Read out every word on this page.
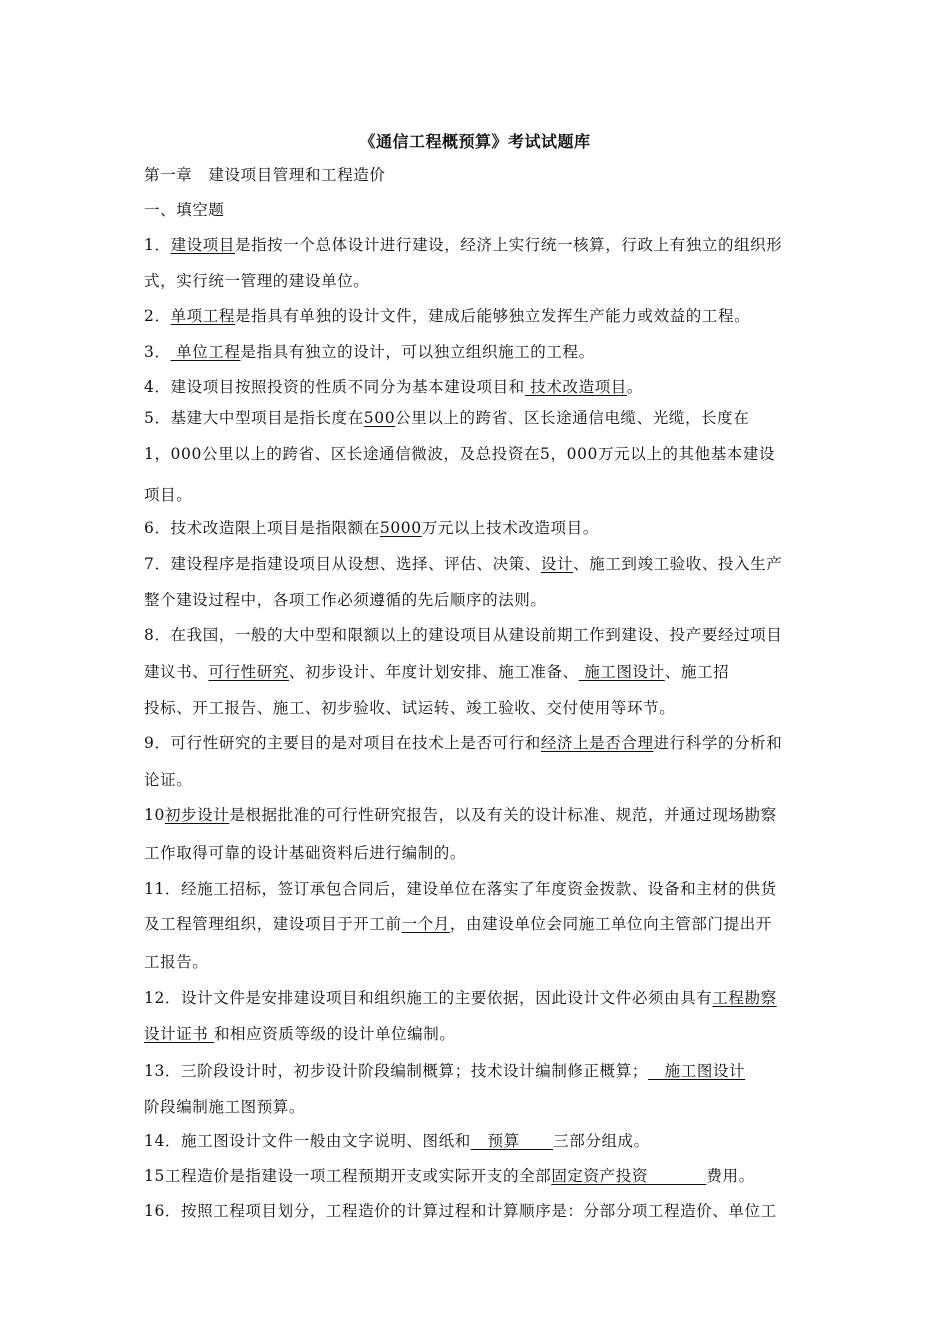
《通信工程概预算》考试试题库
第一章　建设项目管理和工程造价
一、填空题
1．建设项目是指按一个总体设计进行建设，经济上实行统一核算，行政上有独立的组织形
式，实行统一管理的建设单位。
2．单项工程是指具有单独的设计文件，建成后能够独立发挥生产能力或效益的工程。
3． 单位工程是指具有独立的设计，可以独立组织施工的工程。
4．建设项目按照投资的性质不同分为基本建设项目和 技术改造项目。
5．基建大中型项目是指长度在500公里以上的跨省、区长途通信电缆、光缆，长度在
1，000公里以上的跨省、区长途通信微波，及总投资在5，000万元以上的其他基本建设
项目。
6．技术改造限上项目是指限额在5000万元以上技术改造项目。
7．建设程序是指建设项目从设想、选择、评估、决策、设计、施工到竣工验收、投入生产
整个建设过程中，各项工作必须遵循的先后顺序的法则。
8．在我国，一般的大中型和限额以上的建设项目从建设前期工作到建设、投产要经过项目
建议书、可行性研究、初步设计、年度计划安排、施工准备、 施工图设计、施工招
投标、开工报告、施工、初步验收、试运转、竣工验收、交付使用等环节。
9．可行性研究的主要目的是对项目在技术上是否可行和经济上是否合理进行科学的分析和
论证。
10初步设计是根据批准的可行性研究报告，以及有关的设计标准、规范，并通过现场勘察
工作取得可靠的设计基础资料后进行编制的。
11．经施工招标，签订承包合同后，建设单位在落实了年度资金拨款、设备和主材的供货
及工程管理组织，建设项目于开工前一个月，由建设单位会同施工单位向主管部门提出开
工报告。
12．设计文件是安排建设项目和组织施工的主要依据，因此设计文件必须由具有工程勘察
设计证书 和相应资质等级的设计单位编制。
13．三阶段设计时，初步设计阶段编制概算；技术设计编制修正概算；__施工图设计
阶段编制施工图预算。
14．施工图设计文件一般由文字说明、图纸和__预算____三部分组成。
15工程造价是指建设一项工程预期开支或实际开支的全部固定资产投资_______费用。
16．按照工程项目划分，工程造价的计算过程和计算顺序是：分部分项工程造价、单位工
